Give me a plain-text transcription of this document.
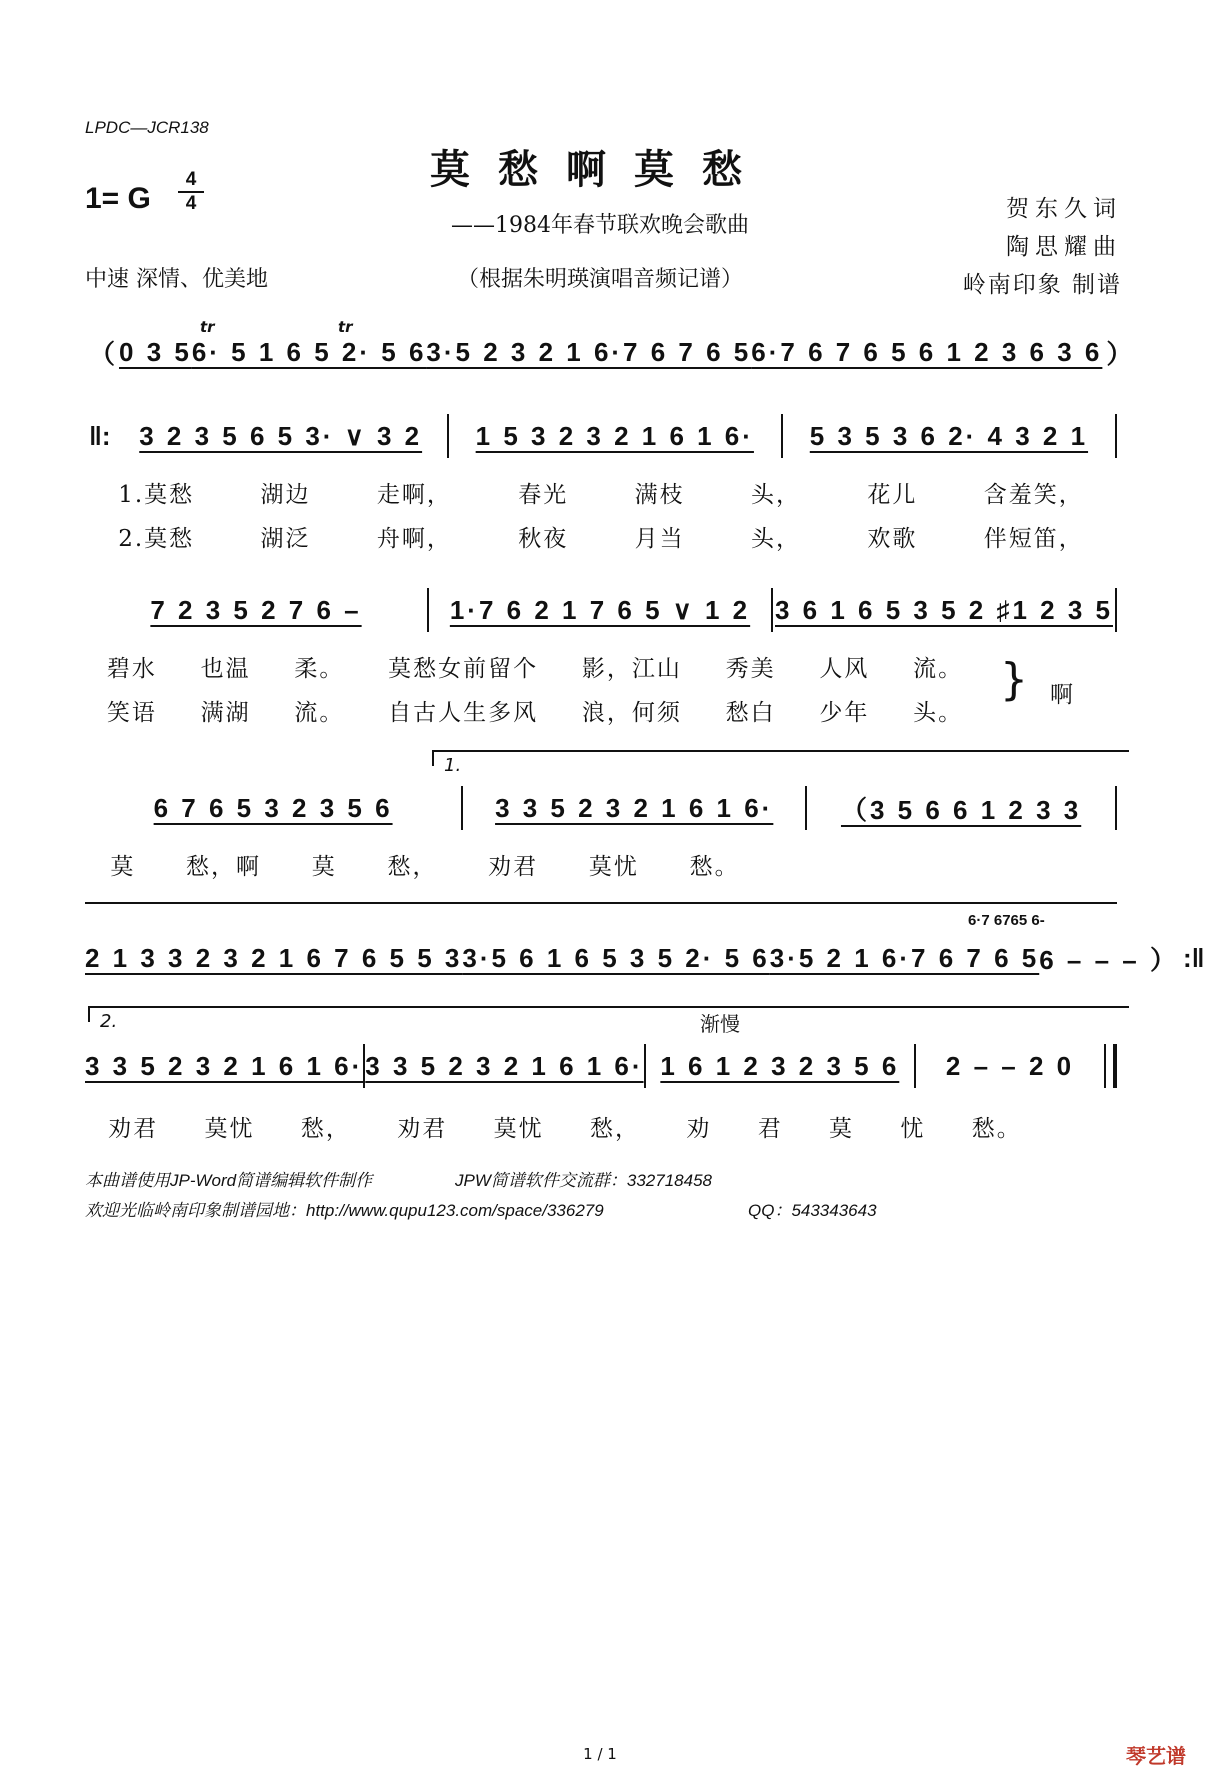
LPDC—JCR138
莫愁啊莫愁
1= G
4
4
——1984年春节联欢晚会歌曲
（根据朱明瑛演唱音频记谱）
中速 深情、优美地
贺东久词
陶思耀曲
岭南印象 制谱
tr	tr
（ 0 3 5 6· 5 1 6 5 2· 5 6 3·5 2 3 2 1 6·7 6 7 6 5 6·7 6 7 6 5 6 1 2 3 6 3 6 ）
‖:	3 2 3 5 6 5 3· ∨ 3 2	1 5 3 2 3 2 1 6 1 6·	5 3 5 3 6 2· 4 3 2 1
1.莫愁	湖边	走啊，	春光	满枝	头，	花儿	含羞笑，
2.莫愁	湖泛	舟啊，	秋夜	月当	头，	欢歌	伴短笛，
7 2 3 5 2 7 6 –	1·7 6 2 1 7 6 5 ∨ 1 2 3 6 1 6 5 3 5 2 ♯1 2 3 5
碧水 也温 柔。 莫愁女前留个 影，江山 秀美 人风 流。
笑语 满湖 流。 自古人生多风 浪，何须 愁白 少年 头。
} 啊
1.
6 7 6 5 3 2 3 5 6	3 3 5 2 3 2 1 6 1 6·	（3 5 6 6 1 2 3 3
莫 愁，啊 莫 愁， 劝君 莫忧 愁。
6·7 6765 6-
2 1 3 3 2 3 2 1 6 7 6 5 5 3 3·5 6 1 6 5 3 5 2· 5 6 3·5 2 1 6·7 6 7 6 5 6 – – – ） :‖
2.	渐慢
3 3 5 2 3 2 1 6 1 6· 3 3 5 2 3 2 1 6 1 6· 1 6 1 2 3 2 3 5 6	2 – – 2 0
劝君 莫忧 愁， 劝君 莫忧 愁， 劝 君 莫 忧 愁。
本曲谱使用JP-Word简谱编辑软件制作	JPW简谱软件交流群：332718458
欢迎光临岭南印象制谱园地：http://www.qupu123.com/space/336279	QQ：543343643
1 / 1	琴艺谱
